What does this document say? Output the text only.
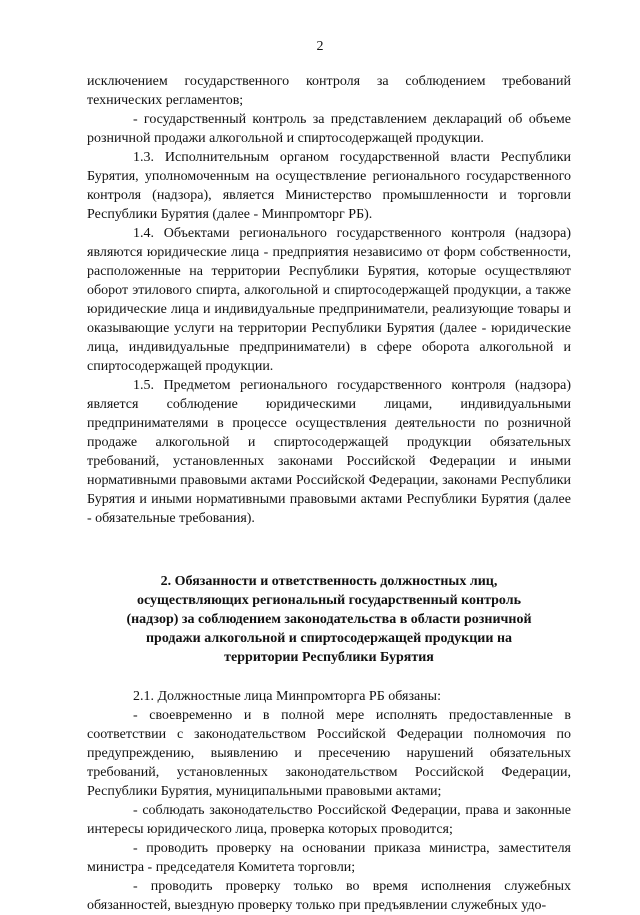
2

исключением государственного контроля за соблюдением требований технических регламентов;

- государственный контроль за представлением деклараций об объеме розничной продажи алкогольной и спиртосодержащей продукции.

1.3. Исполнительным органом государственной власти Республики Бурятия, уполномоченным на осуществление регионального государственного контроля (надзора), является Министерство промышленности и торговли Республики Бурятия (далее - Минпромторг РБ).

1.4. Объектами регионального государственного контроля (надзора) являются юридические лица - предприятия независимо от форм собственности, расположенные на территории Республики Бурятия, которые осуществляют оборот этилового спирта, алкогольной и спиртосодержащей продукции, а также юридические лица и индивидуальные предприниматели, реализующие товары и оказывающие услуги на территории Республики Бурятия (далее - юридические лица, индивидуальные предприниматели) в сфере оборота алкогольной и спиртосодержащей продукции.

1.5. Предметом регионального государственного контроля (надзора) является соблюдение юридическими лицами, индивидуальными предпринимателями в процессе осуществления деятельности по розничной продаже алкогольной и спиртосодержащей продукции обязательных требований, установленных законами Российской Федерации и иными нормативными правовыми актами Российской Федерации, законами Республики Бурятия и иными нормативными правовыми актами Республики Бурятия (далее - обязательные требования).

2. Обязанности и ответственность должностных лиц,
осуществляющих региональный государственный контроль
(надзор) за соблюдением законодательства в области розничной
продажи алкогольной и спиртосодержащей продукции на
территории Республики Бурятия

2.1. Должностные лица Минпромторга РБ обязаны:

- своевременно и в полной мере исполнять предоставленные в соответствии с законодательством Российской Федерации полномочия по предупреждению, выявлению и пресечению нарушений обязательных требований, установленных законодательством Российской Федерации, Республики Бурятия, муниципальными правовыми актами;

- соблюдать законодательство Российской Федерации, права и законные интересы юридического лица, проверка которых проводится;

- проводить проверку на основании приказа министра, заместителя министра - председателя Комитета торговли;

- проводить проверку только во время исполнения служебных обязанностей, выездную проверку только при предъявлении служебных удо-
